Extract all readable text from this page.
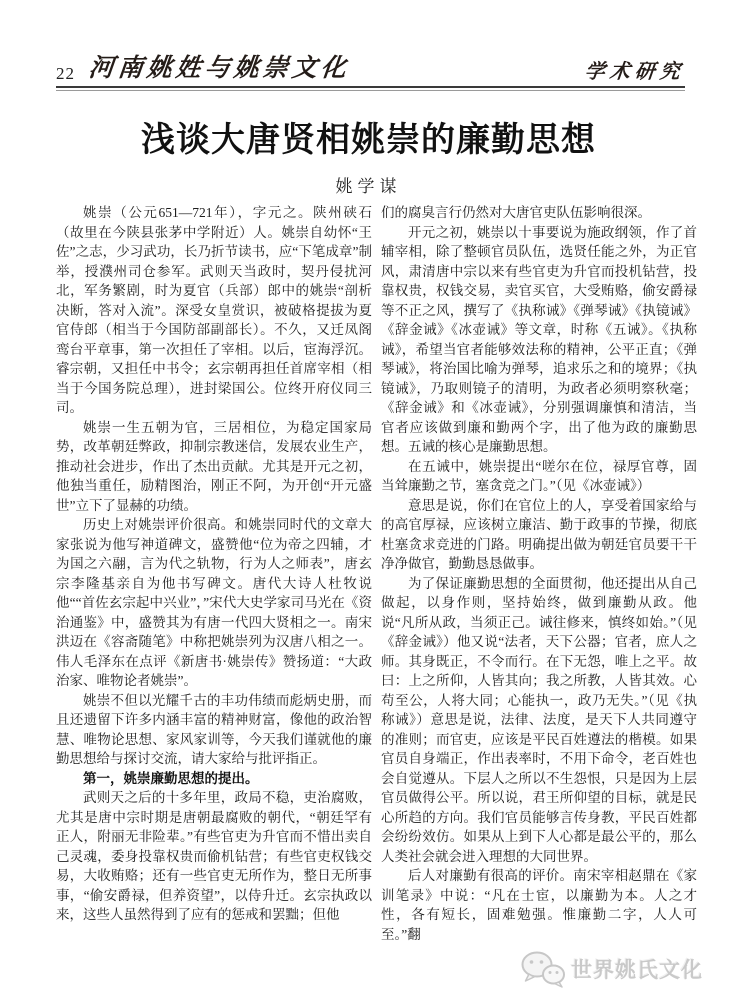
22 河南姚姓与姚崇文化	学术研究
浅谈大唐贤相姚崇的廉勤思想
姚学谋

姚崇（公元651—721年），字元之。陕州硖石（故里在今陕县张茅中学附近）人。姚崇自幼怀“王佐”之志，少习武功，长乃折节读书，应“下笔成章”制举，授濮州司仓参军。武则天当政时，契丹侵扰河北，军务繁剧，时为夏官（兵部）郎中的姚崇“剖析决断，答对入流”。深受女皇赏识，被破格提拔为夏官侍郎（相当于今国防部副部长）。不久，又迁凤阁鸾台平章事，第一次担任了宰相。以后，宦海浮沉。睿宗朝，又担任中书令；玄宗朝再担任首席宰相（相当于今国务院总理），进封梁国公。位终开府仪同三司。

姚崇一生五朝为官，三居相位，为稳定国家局势，改革朝廷弊政，抑制宗教迷信，发展农业生产，推动社会进步，作出了杰出贡献。尤其是开元之初，他独当重任，励精图治，刚正不阿，为开创“开元盛世”立下了显赫的功绩。

历史上对姚崇评价很高。和姚崇同时代的文章大家张说为他写神道碑文，盛赞他“位为帝之四辅，才为国之六翮，言为代之轨物，行为人之师表”，唐玄宗李隆基亲自为他书写碑文。唐代大诗人杜牧说他““首佐玄宗起中兴业”，”宋代大史学家司马光在《资治通鉴》中，盛赞其为有唐一代四大贤相之一。南宋洪迈在《容斋随笔》中称把姚崇列为汉唐八相之一。伟人毛泽东在点评《新唐书·姚崇传》赞扬道：“大政治家、唯物论者姚崇”。

姚崇不但以光耀千古的丰功伟绩而彪炳史册，而且还遗留下许多内涵丰富的精神财富，像他的政治智慧、唯物论思想、家风家训等，今天我们谨就他的廉勤思想给与探讨交流，请大家给与批评指正。

第一，姚崇廉勤思想的提出。

武则天之后的十多年里，政局不稳，吏治腐败，尤其是唐中宗时期是唐朝最腐败的朝代，“朝廷罕有正人，附丽无非险辈。”有些官吏为升官而不惜出卖自己灵魂，委身投靠权贵而偷机钻营；有些官吏权钱交易，大收贿赂；还有一些官吏无所作为，整日无所事事，“偷安爵禄，但养资望”，以侍升迁。玄宗执政以来，这些人虽然得到了应有的惩戒和罢黜；但他

们的腐臭言行仍然对大唐官吏队伍影响很深。

开元之初，姚崇以十事要说为施政纲领，作了首辅宰相，除了整顿官员队伍，选贤任能之外，为正官风，肃清唐中宗以来有些官吏为升官而投机钻营，投靠权贵，权钱交易，卖官买官，大受贿赂，偷安爵禄等不正之风，撰写了《执称诫》《弹琴诫》《执镜诫》《辞金诫》《冰壶诫》等文章，时称《五诫》。《执称诫》，希望当官者能够效法称的精神，公平正直；《弹琴诫》，将治国比喻为弹琴，追求乐之和的境界；《执镜诫》，乃取则镜子的清明，为政者必须明察秋毫；《辞金诫》和《冰壶诫》，分别强调廉慎和清洁，当官者应该做到廉和勤两个字，出了他为政的廉勤思想。五诫的核心是廉勤思想。

在五诫中，姚崇提出“嗟尔在位，禄厚官尊，固当耸廉勤之节，塞贪竞之门。”（见《冰壶诫》）

意思是说，你们在官位上的人，享受着国家给与的高官厚禄，应该树立廉洁、勤于政事的节操，彻底杜塞贪求竞进的门路。明确提出做为朝廷官员要干干净净做官，勤勤恳恳做事。

为了保证廉勤思想的全面贯彻，他还提出从自己做起，以身作则，坚持始终，做到廉勤从政。他说“凡所从政，当须正己。诫往修来，慎终如始。”（见《辞金诫》）他又说“法者，天下公器；官者，庶人之师。其身既正，不令而行。在下无怨，唯上之平。故曰：上之所仰，人皆其向；我之所教，人皆其效。心苟至公，人将大同；心能执一，政乃无失。”（见《执称诫》）意思是说，法律、法度，是天下人共同遵守的准则；而官吏，应该是平民百姓遵法的楷模。如果官员自身端正，作出表率时，不用下命令，老百姓也会自觉遵从。下层人之所以不生怨恨，只是因为上层官员做得公平。所以说，君王所仰望的目标，就是民心所趋的方向。我们官员能够言传身教，平民百姓都会纷纷效仿。如果从上到下人心都是最公平的，那么人类社会就会进入理想的大同世界。

后人对廉勤有很高的评价。南宋宰相赵鼎在《家训笔录》中说：“凡在士宦，以廉勤为本。人之才性，各有短长，固难勉强。惟廉勤二字，人人可至。”翻

世界姚氏文化
